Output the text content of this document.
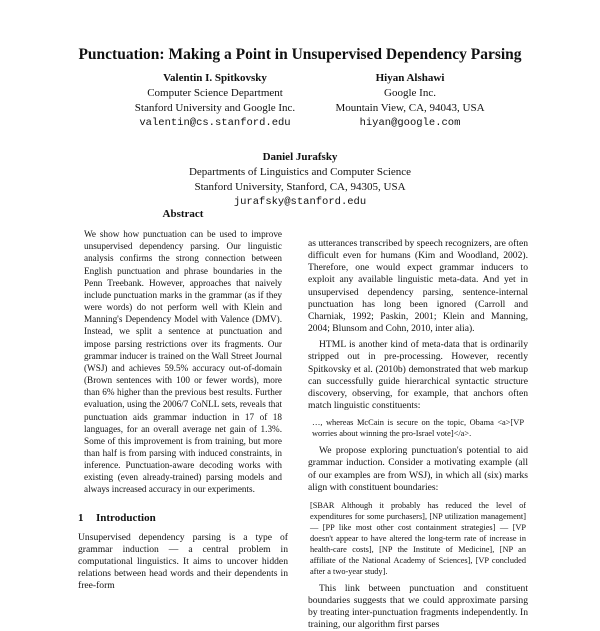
Punctuation: Making a Point in Unsupervised Dependency Parsing
Valentin I. Spitkovsky
Computer Science Department
Stanford University and Google Inc.
valentin@cs.stanford.edu
Hiyan Alshawi
Google Inc.
Mountain View, CA, 94043, USA
hiyan@google.com
Daniel Jurafsky
Departments of Linguistics and Computer Science
Stanford University, Stanford, CA, 94305, USA
jurafsky@stanford.edu
Abstract

We show how punctuation can be used to improve unsupervised dependency parsing. Our linguistic analysis confirms the strong connection between English punctuation and phrase boundaries in the Penn Treebank. However, approaches that naively include punctuation marks in the grammar (as if they were words) do not perform well with Klein and Manning's Dependency Model with Valence (DMV). Instead, we split a sentence at punctuation and impose parsing restrictions over its fragments. Our grammar inducer is trained on the Wall Street Journal (WSJ) and achieves 59.5% accuracy out-of-domain (Brown sentences with 100 or fewer words), more than 6% higher than the previous best results. Further evaluation, using the 2006/7 CoNLL sets, reveals that punctuation aids grammar induction in 17 of 18 languages, for an overall average net gain of 1.3%. Some of this improvement is from training, but more than half is from parsing with induced constraints, in inference. Punctuation-aware decoding works with existing (even already-trained) parsing models and always increased accuracy in our experiments.

1 Introduction

Unsupervised dependency parsing is a type of grammar induction — a central problem in computational linguistics. It aims to uncover hidden relations between head words and their dependents in free-form

as utterances transcribed by speech recognizers, are often difficult even for humans (Kim and Woodland, 2002). Therefore, one would expect grammar inducers to exploit any available linguistic meta-data. And yet in unsupervised dependency parsing, sentence-internal punctuation has long been ignored (Carroll and Charniak, 1992; Paskin, 2001; Klein and Manning, 2004; Blunsom and Cohn, 2010, inter alia).

HTML is another kind of meta-data that is ordinarily stripped out in pre-processing. However, recently Spitkovsky et al. (2010b) demonstrated that web markup can successfully guide hierarchical syntactic structure discovery, observing, for example, that anchors often match linguistic constituents:

…, whereas McCain is secure on the topic, Obama <a>[VP worries about winning the pro-Israel vote]</a>.

We propose exploring punctuation's potential to aid grammar induction. Consider a motivating example (all of our examples are from WSJ), in which all (six) marks align with constituent boundaries:

[SBAR Although it probably has reduced the level of expenditures for some purchasers], [NP utilization management] — [PP like most other cost containment strategies] — [VP doesn't appear to have altered the long-term rate of increase in health-care costs], [NP the Institute of Medicine], [NP an affiliate of the National Academy of Sciences], [VP concluded after a two-year study].

This link between punctuation and constituent boundaries suggests that we could approximate parsing by treating inter-punctuation fragments independently. In training, our algorithm first parses
